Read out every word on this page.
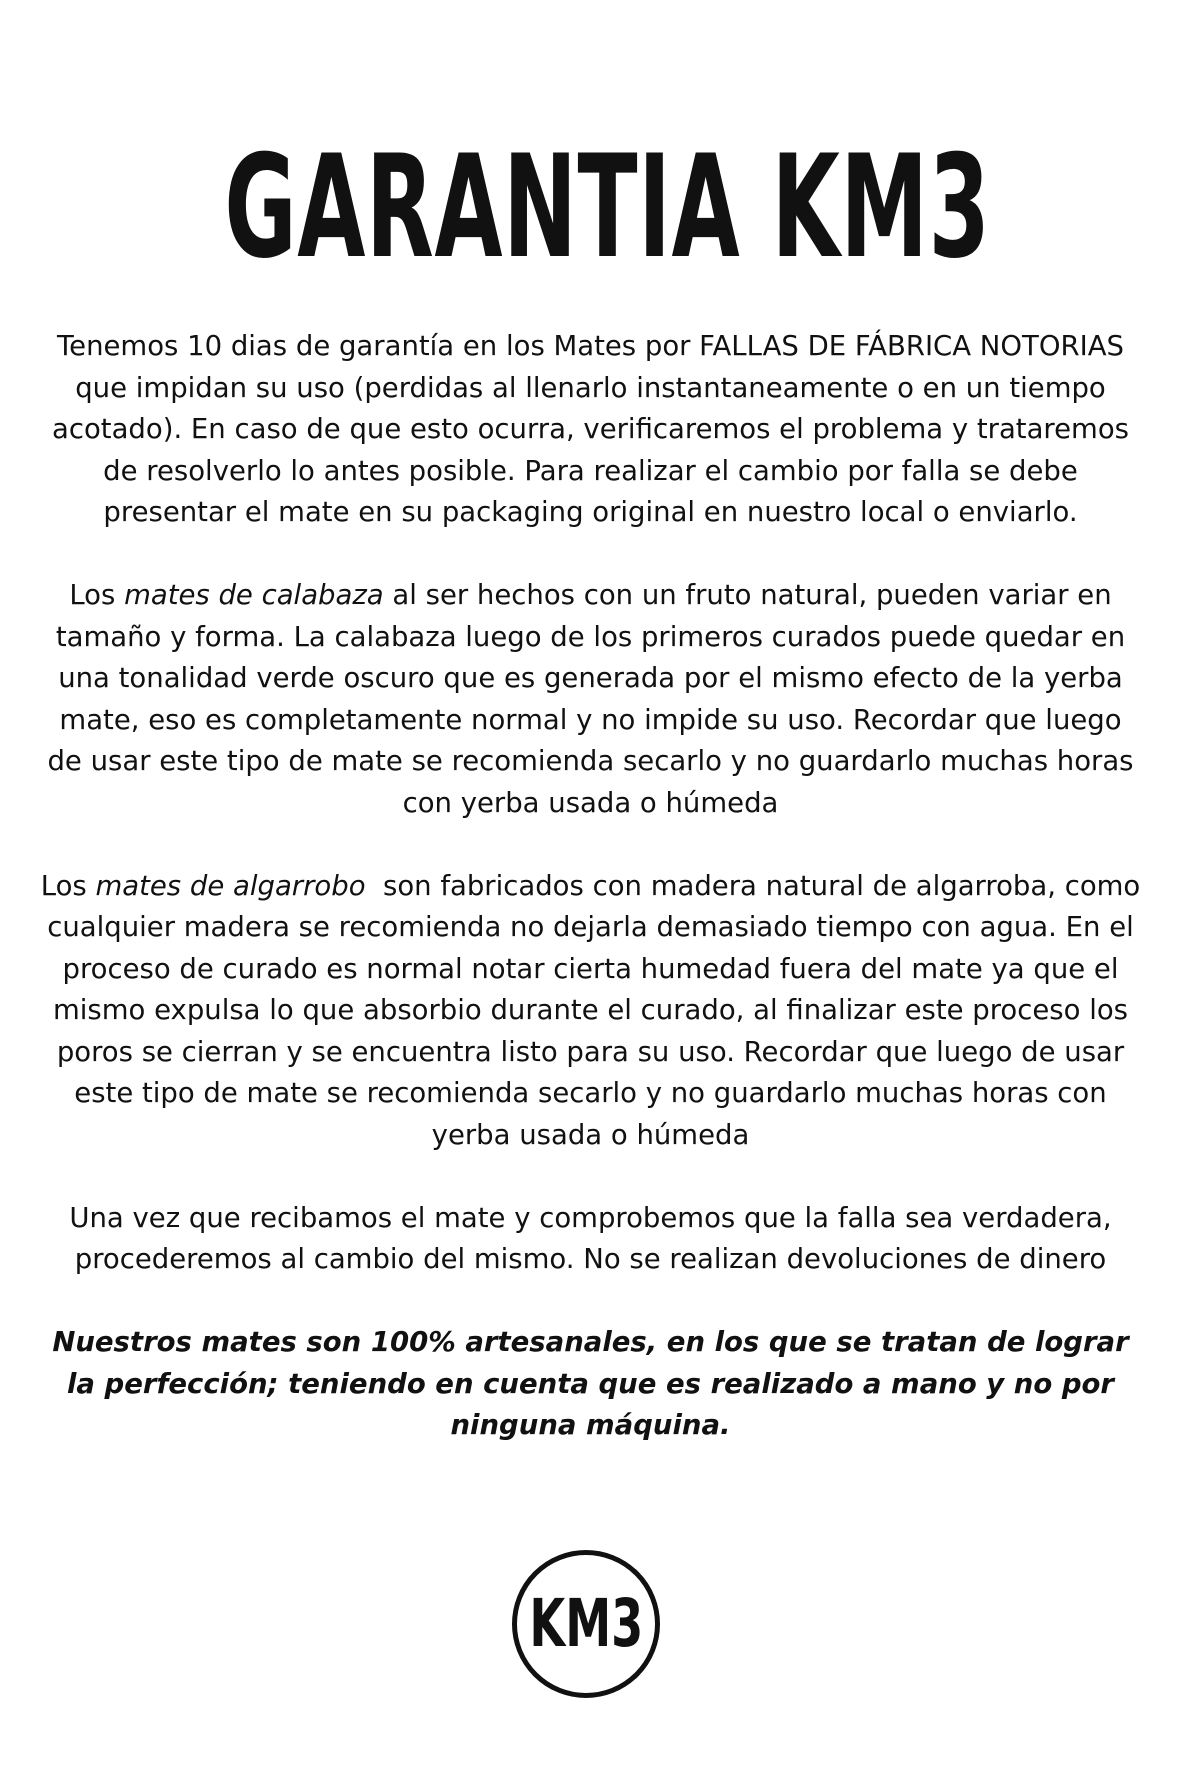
GARANTIA KM3

Tenemos 10 dias de garantía en los Mates por FALLAS DE FÁBRICA NOTORIAS que impidan su uso (perdidas al llenarlo instantaneamente o en un tiempo acotado). En caso de que esto ocurra, verificaremos el problema y trataremos de resolverlo lo antes posible. Para realizar el cambio por falla se debe presentar el mate en su packaging original en nuestro local o enviarlo.

Los mates de calabaza al ser hechos con un fruto natural, pueden variar en tamaño y forma. La calabaza luego de los primeros curados puede quedar en una tonalidad verde oscuro que es generada por el mismo efecto de la yerba mate, eso es completamente normal y no impide su uso. Recordar que luego de usar este tipo de mate se recomienda secarlo y no guardarlo muchas horas con yerba usada o húmeda

Los mates de algarrobo  son fabricados con madera natural de algarroba, como cualquier madera se recomienda no dejarla demasiado tiempo con agua. En el proceso de curado es normal notar cierta humedad fuera del mate ya que el mismo expulsa lo que absorbio durante el curado, al finalizar este proceso los poros se cierran y se encuentra listo para su uso. Recordar que luego de usar este tipo de mate se recomienda secarlo y no guardarlo muchas horas con yerba usada o húmeda

Una vez que recibamos el mate y comprobemos que la falla sea verdadera, procederemos al cambio del mismo. No se realizan devoluciones de dinero

Nuestros mates son 100% artesanales, en los que se tratan de lograr la perfección; teniendo en cuenta que es realizado a mano y no por ninguna máquina.

KM3
